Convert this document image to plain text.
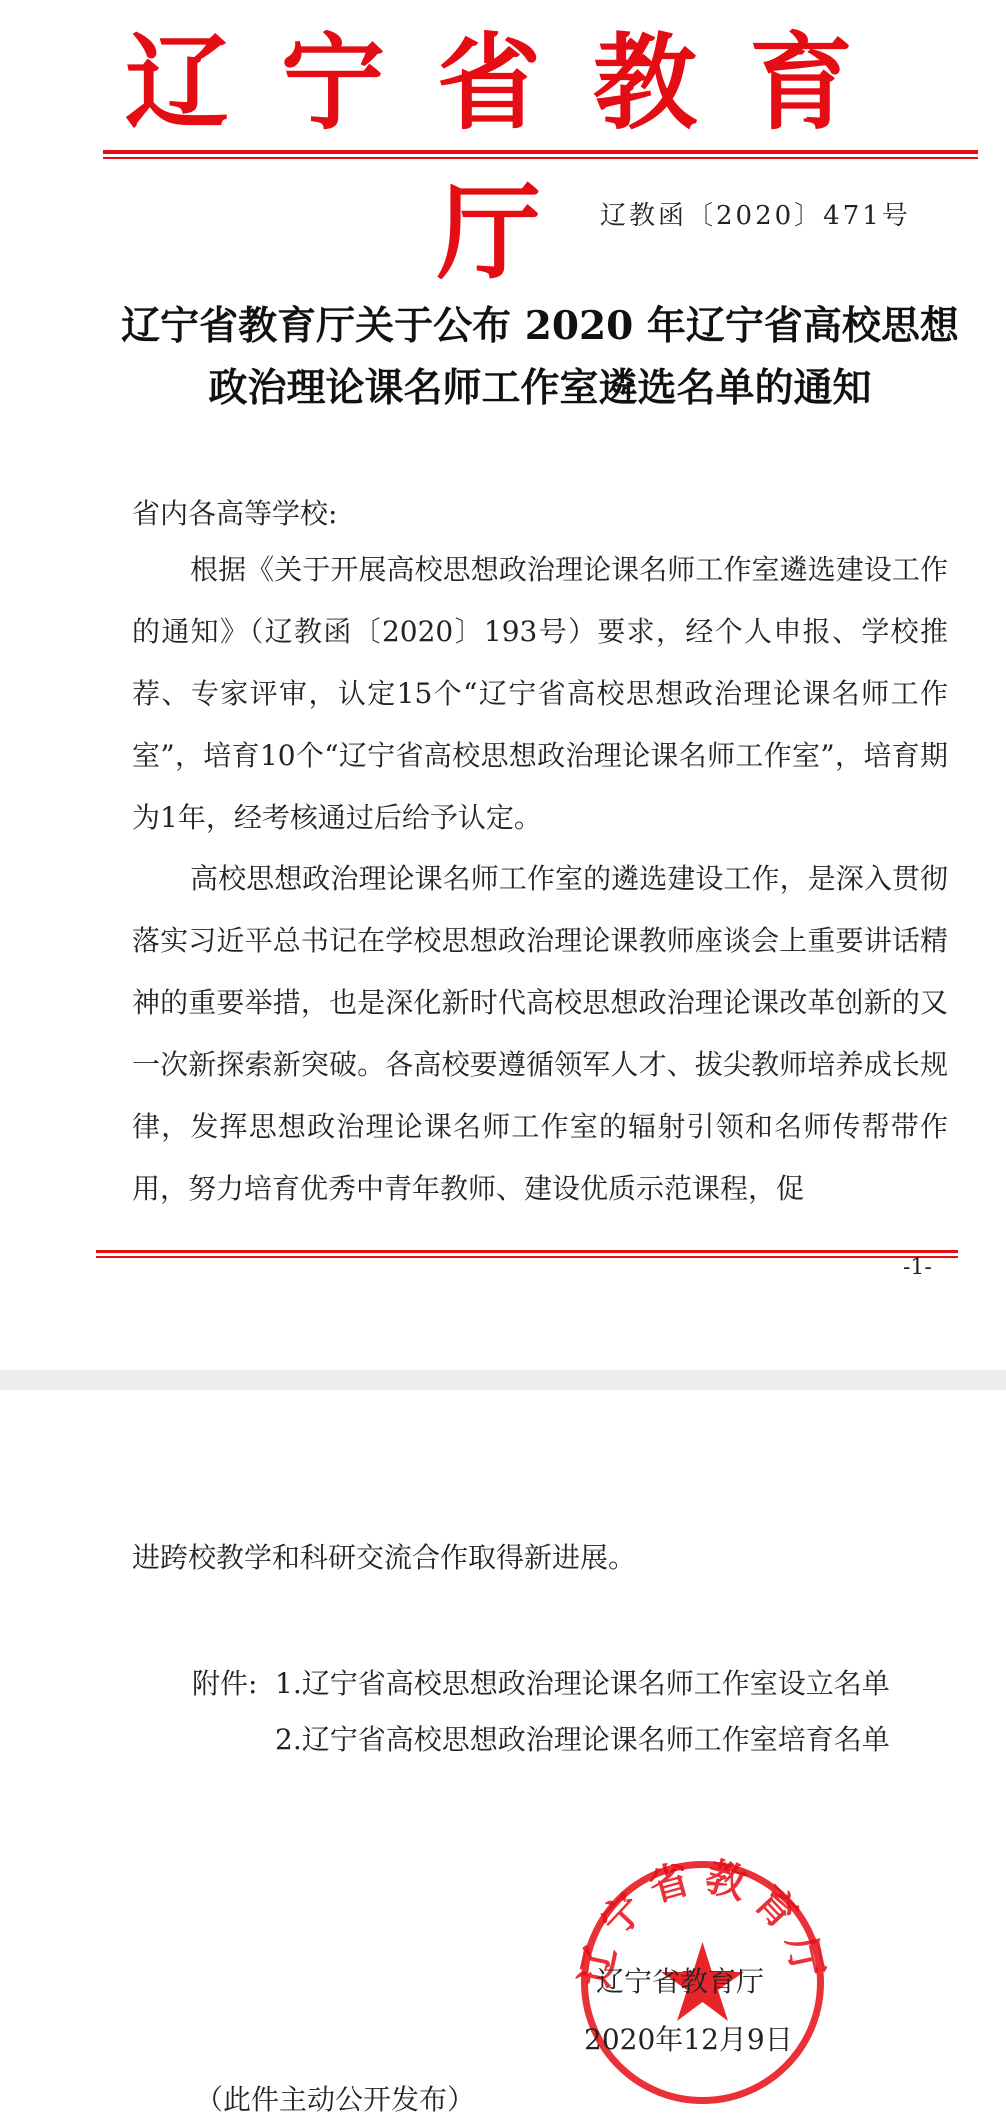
辽宁省教育厅 辽教函〔2020〕471号
辽宁省教育厅关于公布 2020 年辽宁省高校思想
政治理论课名师工作室遴选名单的通知
省内各高等学校:
根据《关于开展高校思想政治理论课名师工作室遴选建设工作的通知》（辽教函〔2020〕193号）要求，经个人申报、学校推荐、专家评审，认定15个“辽宁省高校思想政治理论课名师工作室”，培育10个“辽宁省高校思想政治理论课名师工作室”，培育期为1年，经考核通过后给予认定。
高校思想政治理论课名师工作室的遴选建设工作，是深入贯彻落实习近平总书记在学校思想政治理论课教师座谈会上重要讲话精神的重要举措，也是深化新时代高校思想政治理论课改革创新的又一次新探索新突破。各高校要遵循领军人才、拔尖教师培养成长规律，发挥思想政治理论课名师工作室的辐射引领和名师传帮带作用，努力培育优秀中青年教师、建设优质示范课程，促
-1-
进跨校教学和科研交流合作取得新进展。
附件: 1.辽宁省高校思想政治理论课名师工作室设立名单
2.辽宁省高校思想政治理论课名师工作室培育名单
辽宁省教育厅
辽宁省教育厅
2020年12月9日
（此件主动公开发布）
